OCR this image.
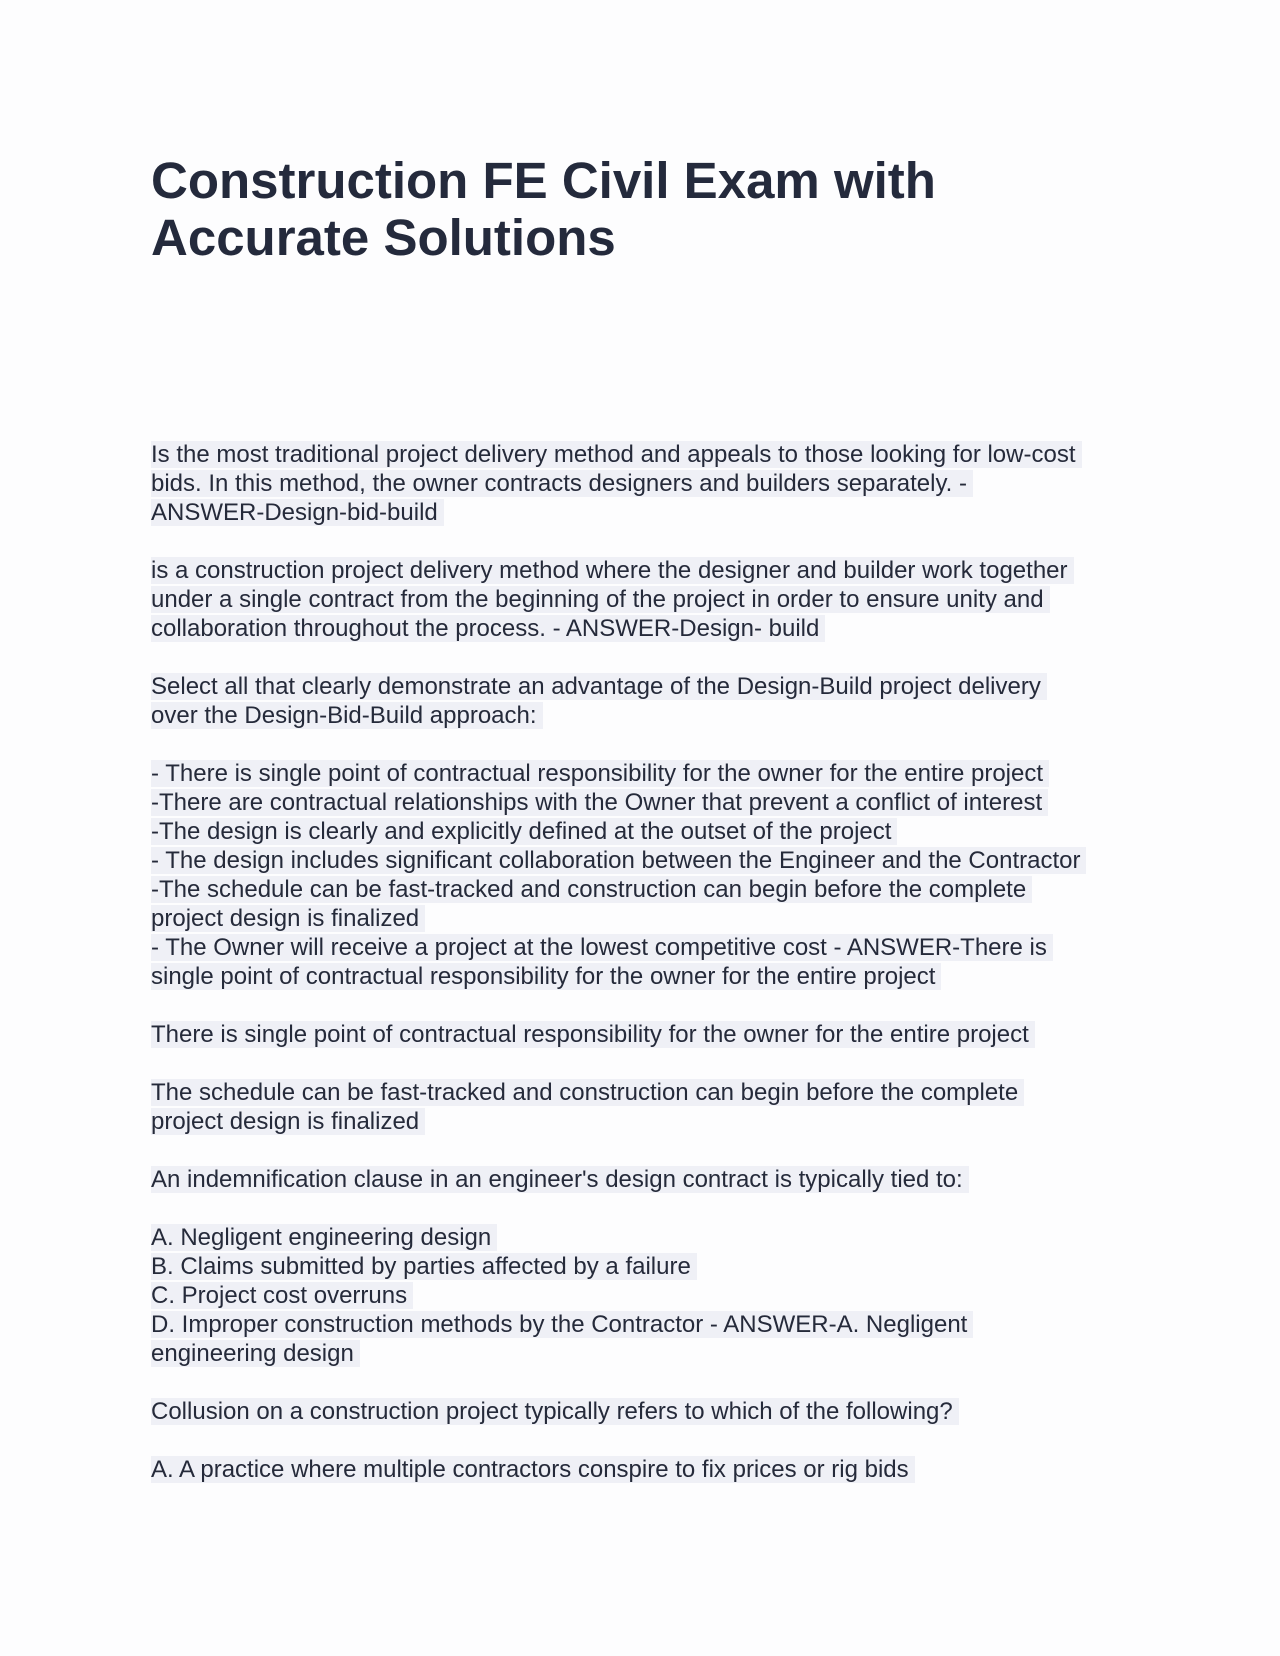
Construction FE Civil Exam with
Accurate Solutions
Is the most traditional project delivery method and appeals to those looking for low-cost
bids. In this method, the owner contracts designers and builders separately. -
ANSWER-Design-bid-build
is a construction project delivery method where the designer and builder work together
under a single contract from the beginning of the project in order to ensure unity and
collaboration throughout the process. - ANSWER-Design- build
Select all that clearly demonstrate an advantage of the Design-Build project delivery
over the Design-Bid-Build approach:
- There is single point of contractual responsibility for the owner for the entire project
-There are contractual relationships with the Owner that prevent a conflict of interest
-The design is clearly and explicitly defined at the outset of the project
- The design includes significant collaboration between the Engineer and the Contractor
-The schedule can be fast-tracked and construction can begin before the complete
project design is finalized
- The Owner will receive a project at the lowest competitive cost - ANSWER-There is
single point of contractual responsibility for the owner for the entire project
There is single point of contractual responsibility for the owner for the entire project
The schedule can be fast-tracked and construction can begin before the complete
project design is finalized
An indemnification clause in an engineer's design contract is typically tied to:
A. Negligent engineering design
B. Claims submitted by parties affected by a failure
C. Project cost overruns
D. Improper construction methods by the Contractor - ANSWER-A. Negligent
engineering design
Collusion on a construction project typically refers to which of the following?
A. A practice where multiple contractors conspire to fix prices or rig bids
